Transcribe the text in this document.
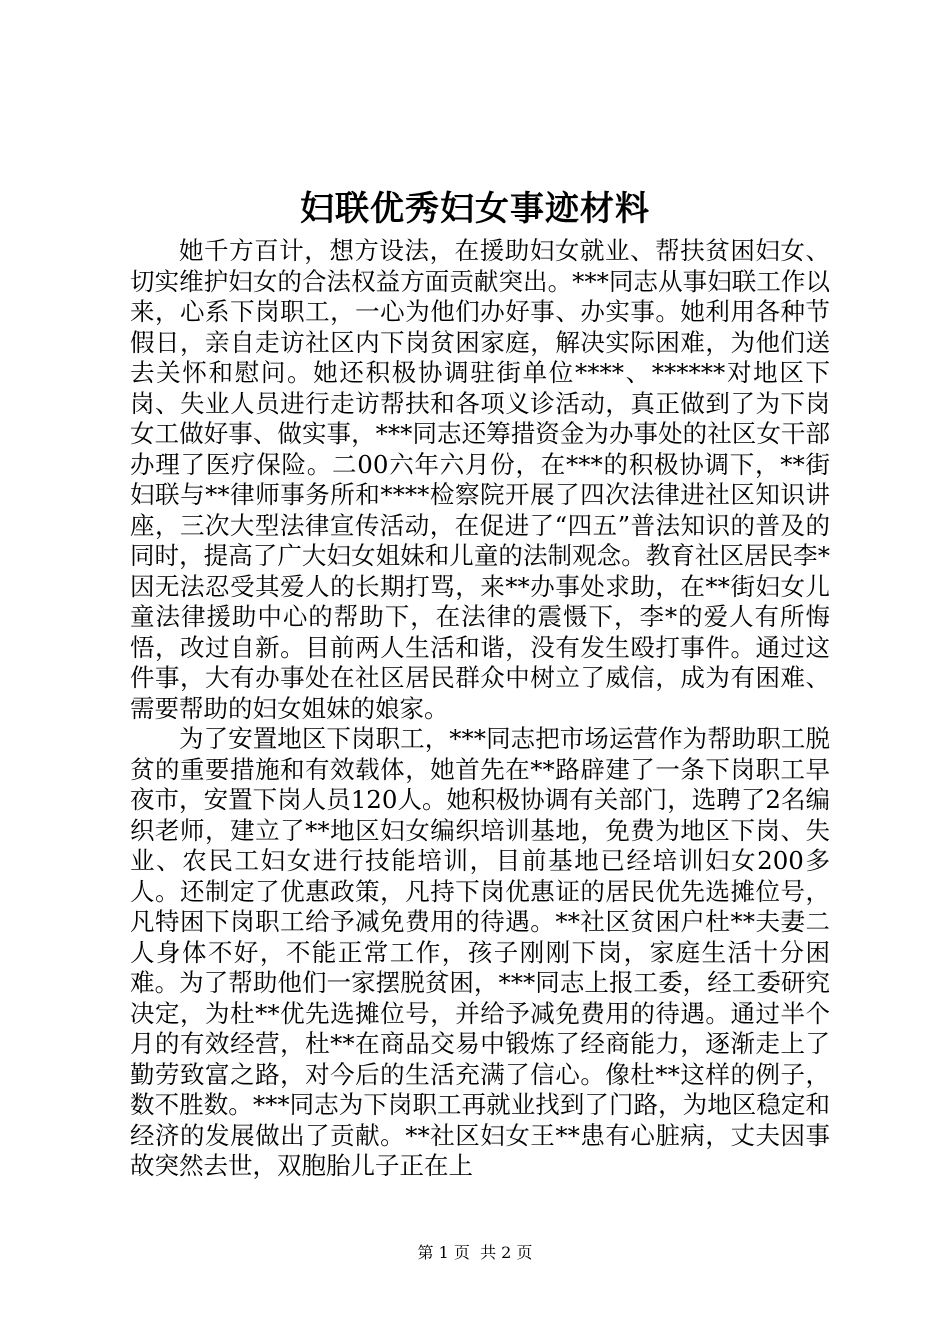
妇联优秀妇女事迹材料

她千方百计，想方设法，在援助妇女就业、帮扶贫困妇女、切实维护妇女的合法权益方面贡献突出。***同志从事妇联工作以来，心系下岗职工，一心为他们办好事、办实事。她利用各种节假日，亲自走访社区内下岗贫困家庭，解决实际困难，为他们送去关怀和慰问。她还积极协调驻街单位****、******对地区下岗、失业人员进行走访帮扶和各项义诊活动，真正做到了为下岗女工做好事、做实事，***同志还筹措资金为办事处的社区女干部办理了医疗保险。二00六年六月份，在***的积极协调下，**街妇联与**律师事务所和****检察院开展了四次法律进社区知识讲座，三次大型法律宣传活动，在促进了“四五”普法知识的普及的同时，提高了广大妇女姐妹和儿童的法制观念。教育社区居民李*因无法忍受其爱人的长期打骂，来**办事处求助，在**街妇女儿童法律援助中心的帮助下，在法律的震慑下，李*的爱人有所悔悟，改过自新。目前两人生活和谐，没有发生殴打事件。通过这件事，大有办事处在社区居民群众中树立了威信，成为有困难、需要帮助的妇女姐妹的娘家。

为了安置地区下岗职工，***同志把市场运营作为帮助职工脱贫的重要措施和有效载体，她首先在**路辟建了一条下岗职工早夜市，安置下岗人员120人。她积极协调有关部门，选聘了2名编织老师，建立了**地区妇女编织培训基地，免费为地区下岗、失业、农民工妇女进行技能培训，目前基地已经培训妇女200多人。还制定了优惠政策，凡持下岗优惠证的居民优先选摊位号，凡特困下岗职工给予减免费用的待遇。**社区贫困户杜**夫妻二人身体不好，不能正常工作，孩子刚刚下岗，家庭生活十分困难。为了帮助他们一家摆脱贫困，***同志上报工委，经工委研究决定，为杜**优先选摊位号，并给予减免费用的待遇。通过半个月的有效经营，杜**在商品交易中锻炼了经商能力，逐渐走上了勤劳致富之路，对今后的生活充满了信心。像杜**这样的例子，数不胜数。***同志为下岗职工再就业找到了门路，为地区稳定和经济的发展做出了贡献。**社区妇女王**患有心脏病，丈夫因事故突然去世，双胞胎儿子正在上

第 1 页  共 2 页
